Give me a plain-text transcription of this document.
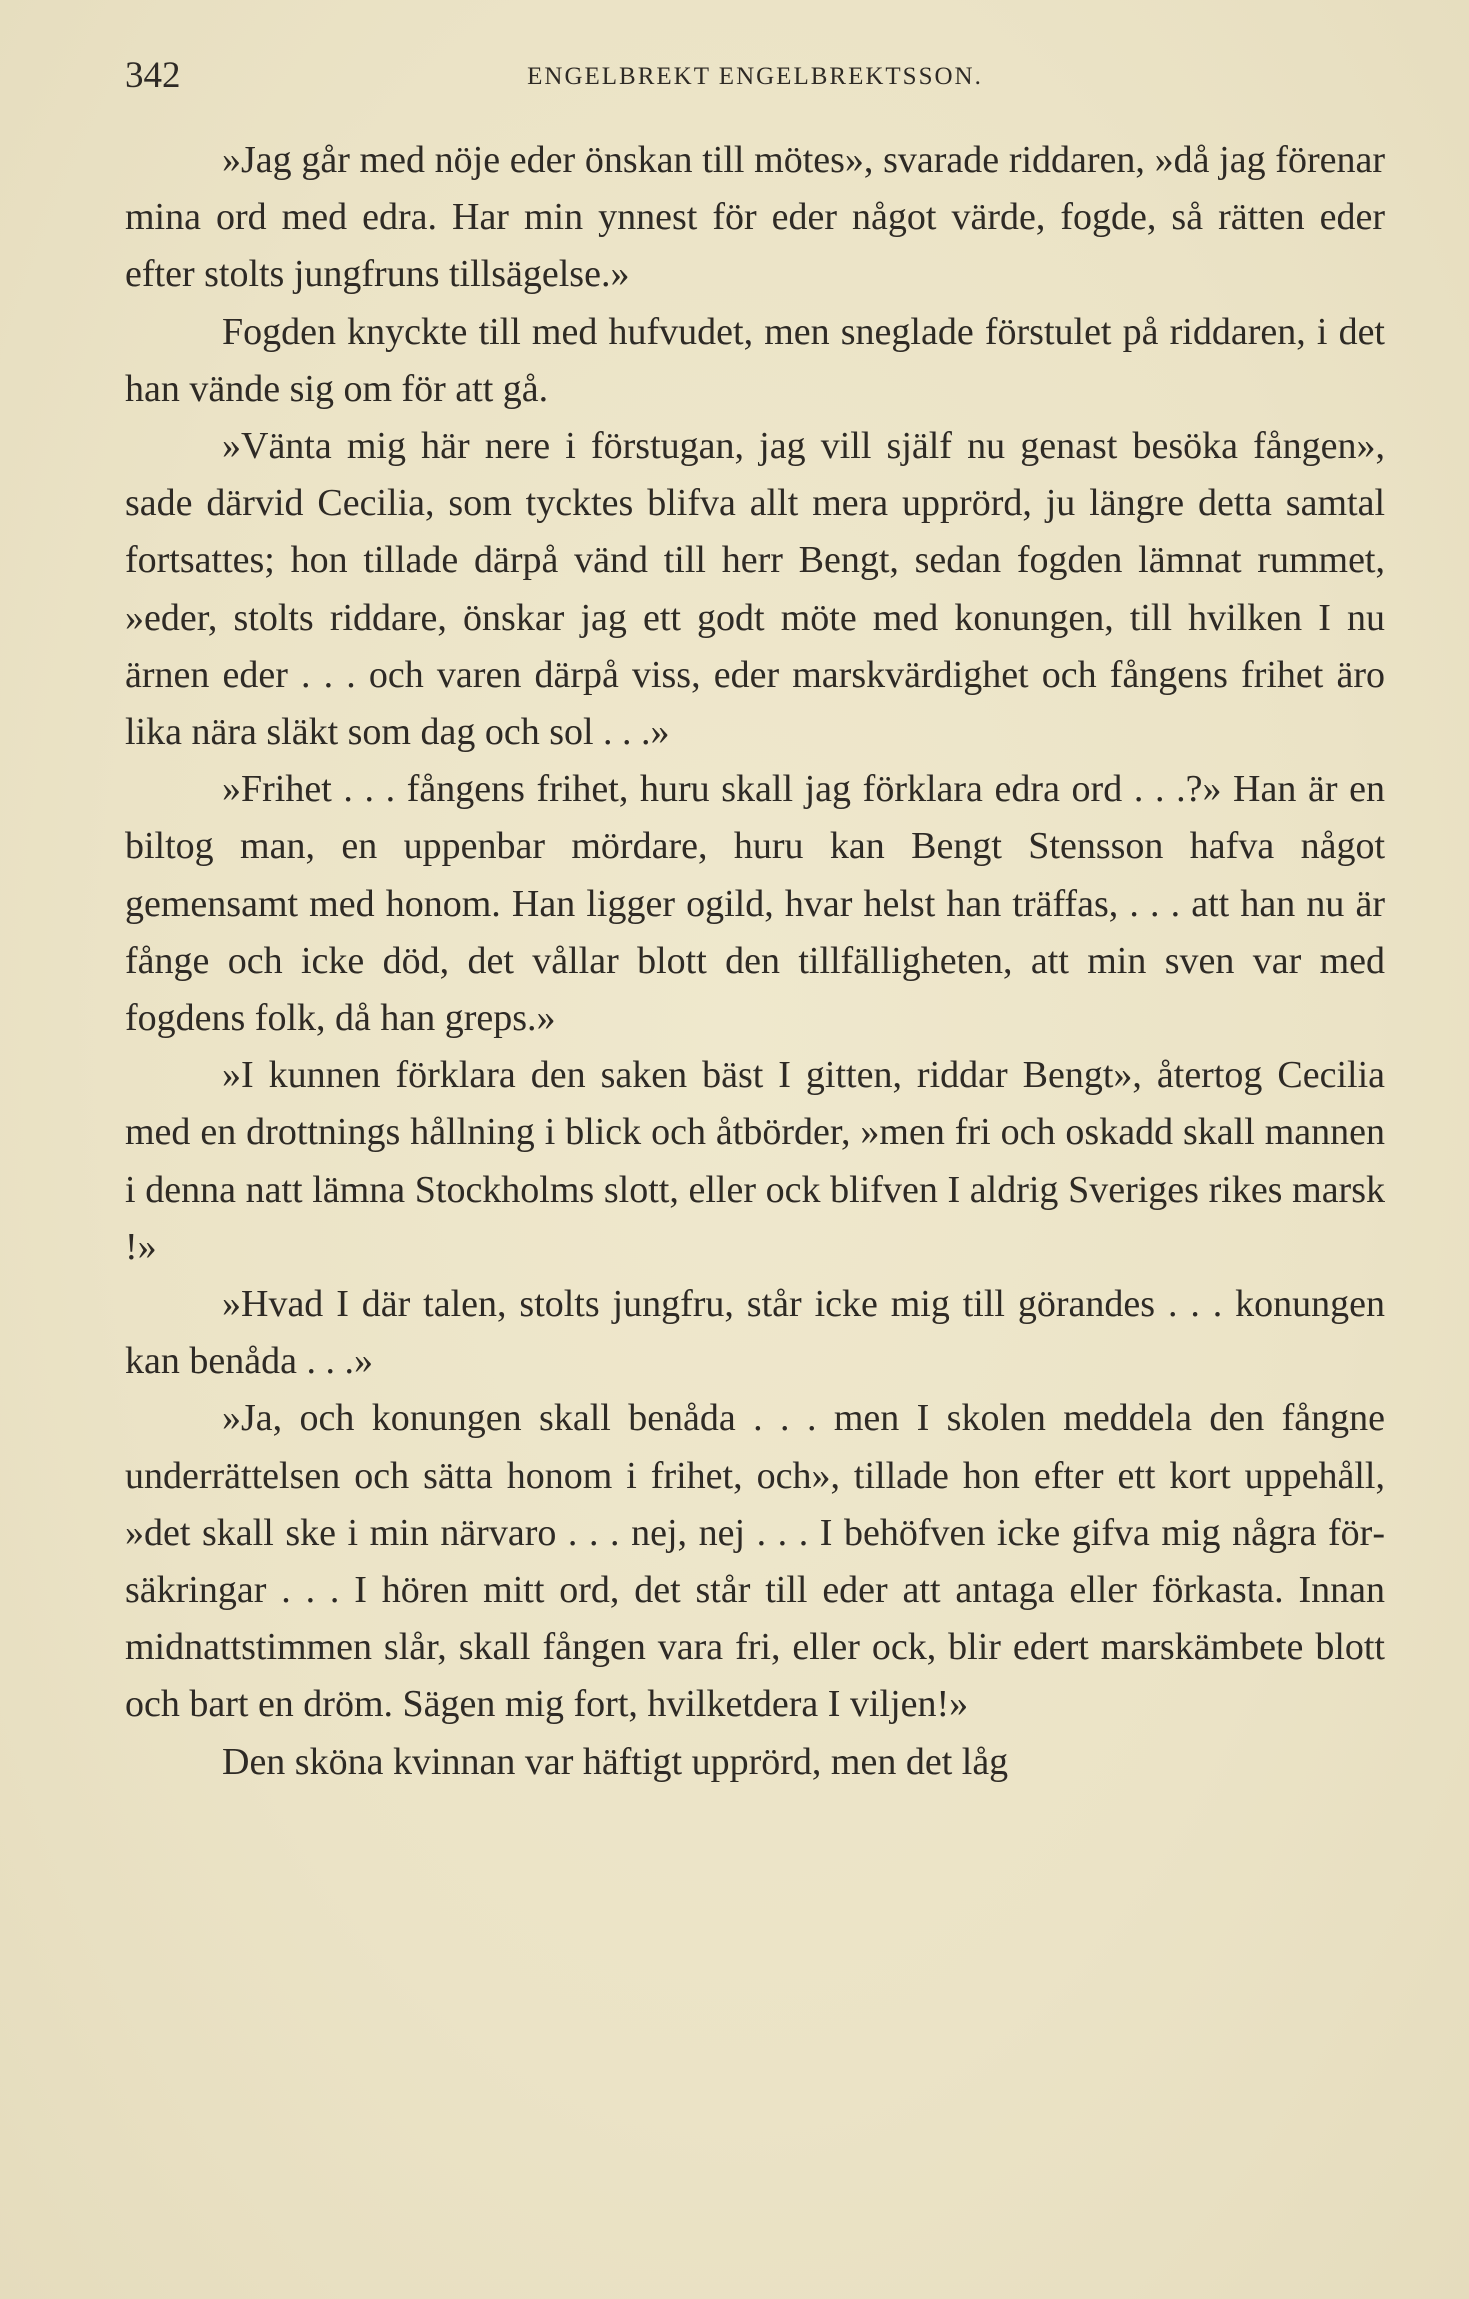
342	ENGELBREKT ENGELBREKTSSON.

»Jag går med nöje eder önskan till mötes», svarade riddaren, »då jag förenar mina ord med edra. Har min ynnest för eder något värde, fogde, så rätten eder efter stolts jungfruns tillsägelse.»

Fogden knyckte till med hufvudet, men sneglade förstulet på riddaren, i det han vände sig om för att gå.

»Vänta mig här nere i förstugan, jag vill själf nu genast besöka fången», sade därvid Cecilia, som tycktes blifva allt mera upprörd, ju längre detta samtal fortsattes; hon tillade därpå vänd till herr Bengt, sedan fogden lämnat rummet, »eder, stolts riddare, önskar jag ett godt möte med konungen, till hvilken I nu ärnen eder . . . och varen därpå viss, eder marskvärdighet och fångens frihet äro lika nära släkt som dag och sol . . .»

»Frihet . . . fångens frihet, huru skall jag förklara edra ord . . .?» Han är en biltog man, en uppenbar mördare, huru kan Bengt Stensson hafva något gemensamt med honom. Han ligger ogild, hvar helst han träffas, . . . att han nu är fånge och icke död, det vållar blott den tillfälligheten, att min sven var med fogdens folk, då han greps.»

»I kunnen förklara den saken bäst I gitten, riddar Bengt», återtog Cecilia med en drottnings hållning i blick och åtbörder, »men fri och oskadd skall mannen i denna natt lämna Stockholms slott, eller ock blifven I aldrig Sveriges rikes marsk !»

»Hvad I där talen, stolts jungfru, står icke mig till görandes . . . konungen kan benåda . . .»

»Ja, och konungen skall benåda . . . men I skolen meddela den fångne underrättelsen och sätta honom i frihet, och», tillade hon efter ett kort uppehåll, »det skall ske i min närvaro . . . nej, nej . . . I behöfven icke gifva mig några försäkringar . . . I hören mitt ord, det står till eder att antaga eller förkasta. Innan midnattstimmen slår, skall fången vara fri, eller ock, blir edert marskämbete blott och bart en dröm. Sägen mig fort, hvilketdera I viljen!»

Den sköna kvinnan var häftigt upprörd, men det låg
